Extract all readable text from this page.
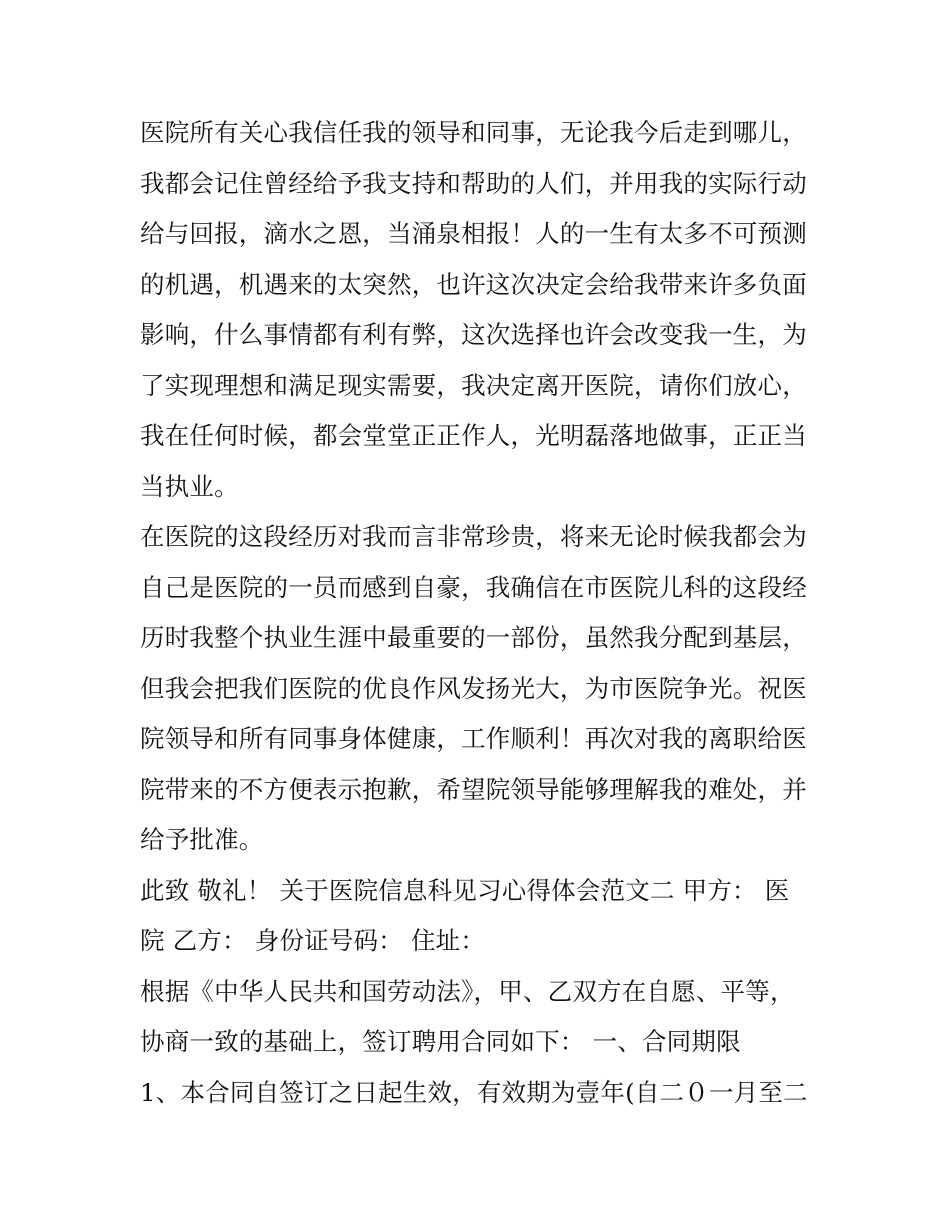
医院所有关心我信任我的领导和同事，无论我今后走到哪儿，
我都会记住曾经给予我支持和帮助的人们，并用我的实际行动
给与回报，滴水之恩，当涌泉相报！人的一生有太多不可预测
的机遇，机遇来的太突然，也许这次决定会给我带来许多负面
影响，什么事情都有利有弊，这次选择也许会改变我一生，为
了实现理想和满足现实需要，我决定离开医院，请你们放心，
我在任何时候，都会堂堂正正作人，光明磊落地做事，正正当
当执业。
在医院的这段经历对我而言非常珍贵，将来无论时候我都会为
自己是医院的一员而感到自豪，我确信在市医院儿科的这段经
历时我整个执业生涯中最重要的一部份，虽然我分配到基层，
但我会把我们医院的优良作风发扬光大，为市医院争光。祝医
院领导和所有同事身体健康，工作顺利！再次对我的离职给医
院带来的不方便表示抱歉，希望院领导能够理解我的难处，并
给予批准。
此致 敬礼！ 关于医院信息科见习心得体会范文二 甲方： 医
院 乙方： 身份证号码： 住址：
根据《中华人民共和国劳动法》，甲、乙双方在自愿、平等，
协商一致的基础上，签订聘用合同如下： 一、合同期限
1、本合同自签订之日起生效，有效期为壹年(自二０一月至二
